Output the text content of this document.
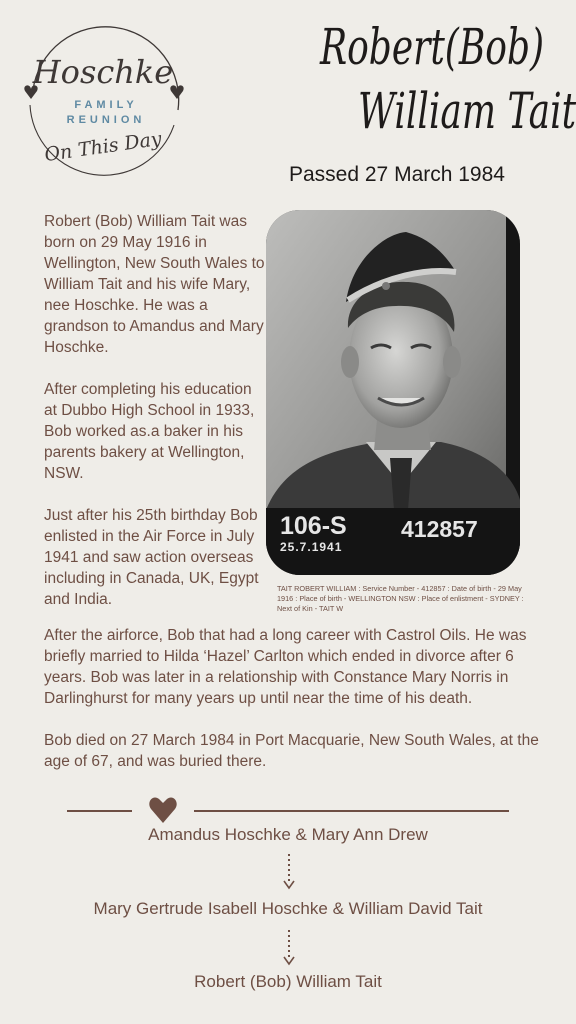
Hoschke
FAMILY
REUNION
On This Day
Robert(Bob)
William Tait
Passed 27 March 1984

Robert (Bob) William Tait was born on 29 May 1916 in Wellington, New South Wales to William Tait and his wife Mary, nee Hoschke. He was a grandson to Amandus and Mary Hoschke.

After completing his education at Dubbo High School in 1933, Bob worked as.a baker in his parents bakery at Wellington, NSW.

Just after his 25th birthday Bob enlisted in the Air Force in July 1941 and saw action overseas including in Canada, UK, Egypt and India.

106-S
25.7.1941
412857
TAIT ROBERT WILLIAM : Service Number - 412857 : Date of birth - 29 May 1916 : Place of birth - WELLINGTON NSW : Place of enlistment - SYDNEY : Next of Kin - TAIT W

After the airforce, Bob that had a long career with Castrol Oils. He was briefly married to Hilda ‘Hazel’ Carlton which ended in divorce after 6 years. Bob was later in a relationship with Constance Mary Norris in Darlinghurst for many years up until near the time of his death.

Bob died on 27 March 1984 in Port Macquarie, New South Wales, at the age of 67, and was buried there.

Amandus Hoschke & Mary Ann Drew
Mary Gertrude Isabell Hoschke & William David Tait
Robert (Bob) William Tait
